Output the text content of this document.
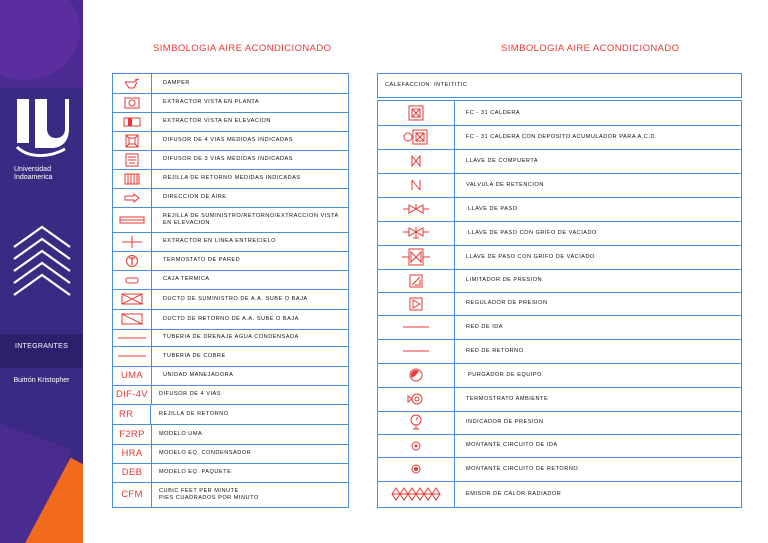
Universidad
Indoamerica
INTEGRANTES
Buitrón Kristopher
SIMBOLOGIA AIRE ACONDICIONADO	SIMBOLOGIA AIRE ACONDICIONADO
DAMPER
EXTRACTOR VISTA EN PLANTA
EXTRACTOR VISTA EN ELEVACION
DIFUSOR DE 4 VIAS MEDIDAS INDICADAS
DIFUSOR DE 3 VIAS MEDIDAS INDICADAS
REJILLA DE RETORNO MEDIDAS INDICADAS
DIRECCION DE AIRE
REJILLA DE SUMINISTRO/RETORNO/EXTRACCION VISTA EN ELEVACION
EXTRACTOR EN LINEA ENTRECIELO
TERMOSTATO DE PARED
CAJA TERMICA
DUCTO DE SUMINISTRO DE A.A. SUBE O BAJA
DUCTO DE RETORNO DE A.A. SUBE O BAJA
TUBERIA DE DRENAJE AGUA CONDENSADA
TUBERIA DE COBRE
UMA	UNIDAD MANEJADORA
DIF-4V	DIFUSOR DE 4 VIAS
RR	REJILLA DE RETORNO
F2RP	MODELO UMA
HRA	MODELO EQ. CONDENSADOR
DEB	MODELO EQ. PAQUETE
CFM	CUBIC FEET PER MINUTE
PIES CUADRADOS POR MINUTO
CALEFACCION: INTEITITIC
FC - 31 CALDERA
FC - 31 CALDERA CON DEPOSITO ACUMULADOR PARA A.C.D.
LLAVE DE COMPUERTA
VALVULA DE RETENCION
LLAVE DE PASO
LLAVE DE PASO CON GRIFO DE VACIADO
LLAVE DE PASO CON GRIFO DE VACIADO
LIMITADOR DE PRESION
REGULADOR DE PRESION
RED DE IDA
RED DE RETORNO
PURGADOR DE EQUIPO
TERMOSTRATO AMBIENTE
INDICADOR DE PRESION
MONTANTE CIRCUITO DE IDA
MONTANTE CIRCUITO DE RETORNO
EMISOR DE CALOR RADIADOR
